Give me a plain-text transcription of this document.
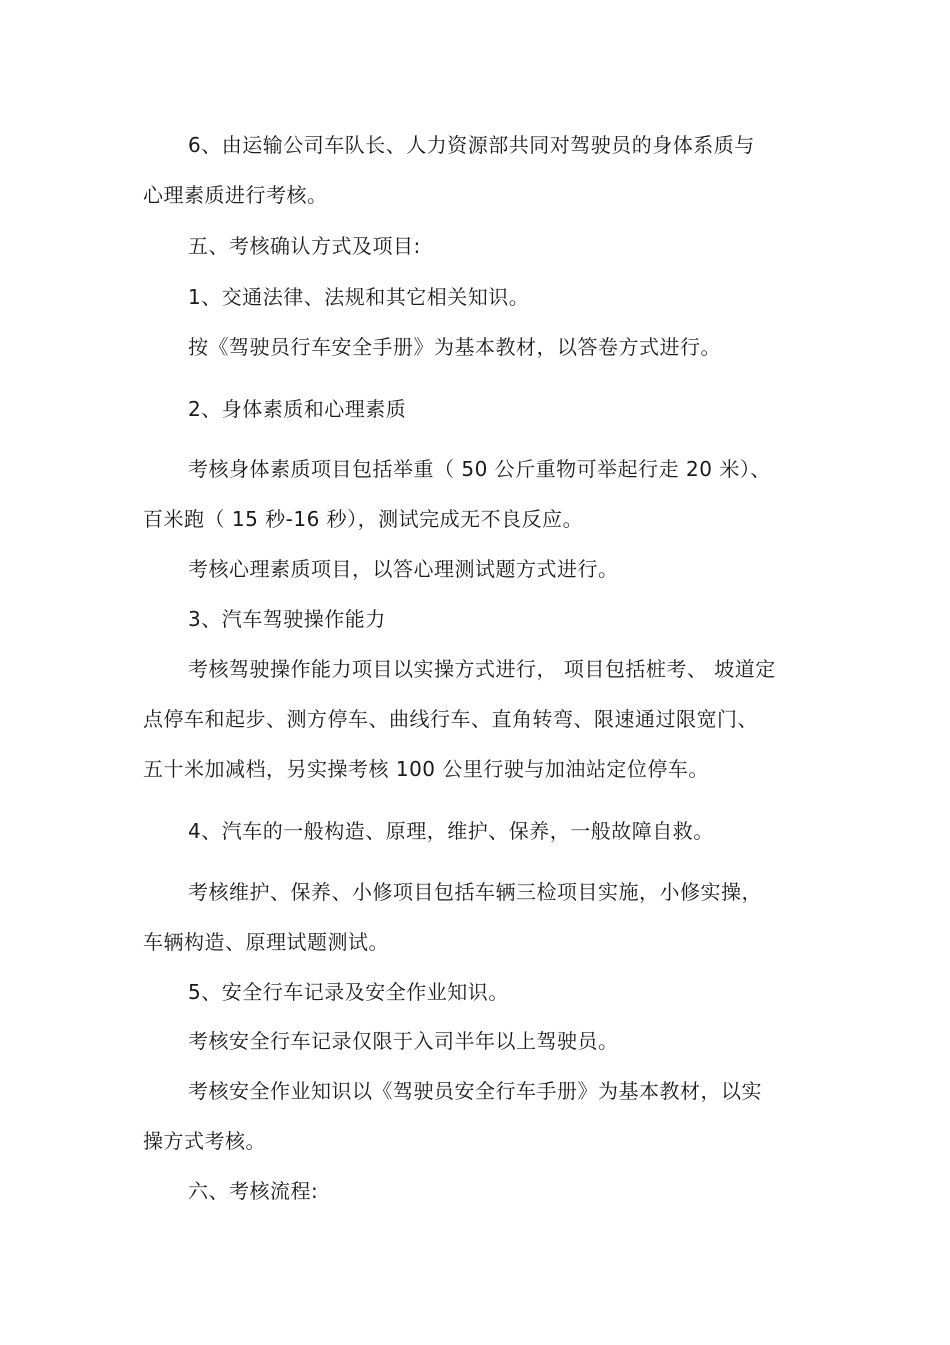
6、由运输公司车队长、人力资源部共同对驾驶员的身体系质与
心理素质进行考核。
五、考核确认方式及项目:
1、交通法律、法规和其它相关知识。
按《驾驶员行车安全手册》为基本教材，以答卷方式进行。
2、身体素质和心理素质
考核身体素质项目包括举重（ 50 公斤重物可举起行走 20 米）、
百米跑（ 15 秒-16 秒），测试完成无不良反应。
考核心理素质项目，以答心理测试题方式进行。
3、汽车驾驶操作能力
考核驾驶操作能力项目以实操方式进行， 项目包括桩考、 坡道定
点停车和起步、测方停车、曲线行车、直角转弯、限速通过限宽门、
五十米加减档，另实操考核 100 公里行驶与加油站定位停车。
4、汽车的一般构造、原理，维护、保养，一般故障自救。
考核维护、保养、小修项目包括车辆三检项目实施，小修实操，
车辆构造、原理试题测试。
5、安全行车记录及安全作业知识。
考核安全行车记录仅限于入司半年以上驾驶员。
考核安全作业知识以《驾驶员安全行车手册》为基本教材，以实
操方式考核。
六、考核流程:
